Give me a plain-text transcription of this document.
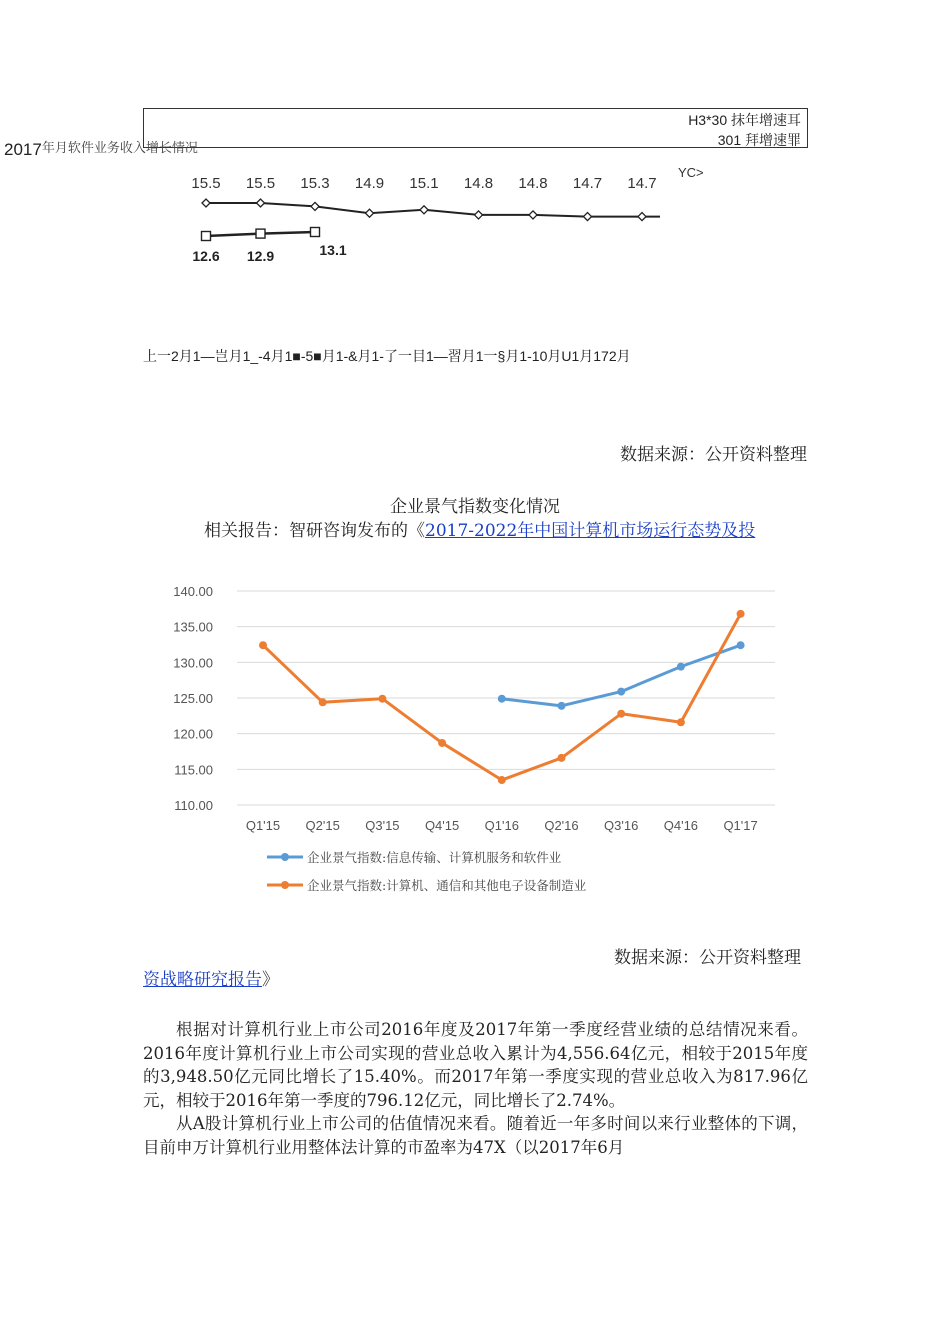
H3*30 抹年增速耳
301 拜增速罪
2017年月软件业务收入增长情况
YC>
15.5 15.5 15.3 14.9 15.1 14.8 14.8 14.7 14.7
12.6 12.9	13.1
上一2月1—岂月1_-4月1■-5■月1-&月1-了一目1—習月1一§月1-10月U1月172月
数据来源：公开资料整理
企业景气指数变化情况
相关报告：智研咨询发布的《2017-2022年中国计算机市场运行态势及投
140.00
135.00
130.00
125.00
120.00
115.00
110.00
Q1'15 Q2'15 Q3'15 Q4'15 Q1'16 Q2'16 Q3'16 Q4'16 Q1'17
企业景气指数:信息传输、计算机服务和软件业
企业景气指数:计算机、通信和其他电子设备制造业
数据来源：公开资料整理
资战略研究报告》

根据对计算机行业上市公司2016年度及2017年第一季度经营业绩的总结情况来看。2016年度计算机行业上市公司实现的营业总收入累计为4,556.64亿元，相较于2015年度的3,948.50亿元同比增长了15.40%。而2017年第一季度实现的营业总收入为817.96亿元，相较于2016年第一季度的796.12亿元，同比增长了2.74%。

从A股计算机行业上市公司的估值情况来看。随着近一年多时间以来行业整体的下调，目前申万计算机行业用整体法计算的市盈率为47X（以2017年6月
